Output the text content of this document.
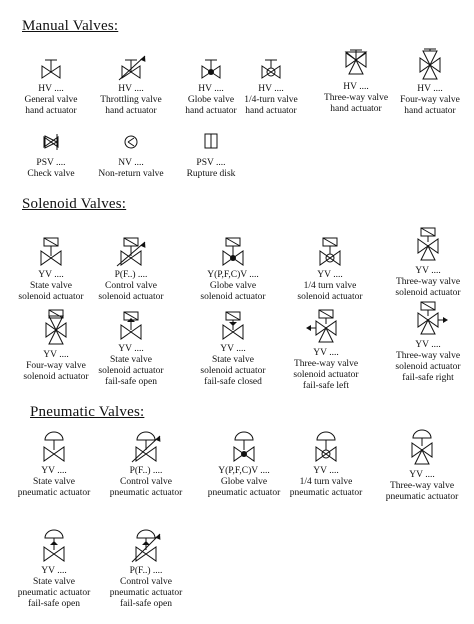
Manual Valves:
HV ....
General valve
hand actuator
HV ....
Throttling valve
hand actuator
HV ....
Globe valve
hand actuator
HV ....
1/4-turn valve
hand actuator
HV ....
Three-way valve
hand actuator
HV ....
Four-way valve
hand actuator
PSV ....
Check valve
NV ....
Non-return valve
PSV ....
Rupture disk
Solenoid Valves:
YV ....
State valve
solenoid actuator
P(F..) ....
Control valve
solenoid actuator
Y(P,F,C)V ....
Globe valve
solenoid actuator
YV ....
1/4 turn valve
solenoid actuator
YV ....
Three-way valve
solenoid actuator
YV ....
Four-way valve
solenoid actuator
YV ....
State valve
solenoid actuator
fail-safe open
YV ....
State valve
solenoid actuator
fail-safe closed
YV ....
Three-way valve
solenoid actuator
fail-safe left
YV ....
Three-way valve
solenoid actuator
fail-safe right
Pneumatic Valves:
YV ....
State valve
pneumatic actuator
P(F..) ....
Control valve
pneumatic actuator
Y(P,F,C)V ....
Globe valve
pneumatic actuator
YV ....
1/4 turn valve
pneumatic actuator
YV ....
Three-way valve
pneumatic actuator
YV ....
State valve
pneumatic actuator
fail-safe open
P(F..) ....
Control valve
pneumatic actuator
fail-safe open
